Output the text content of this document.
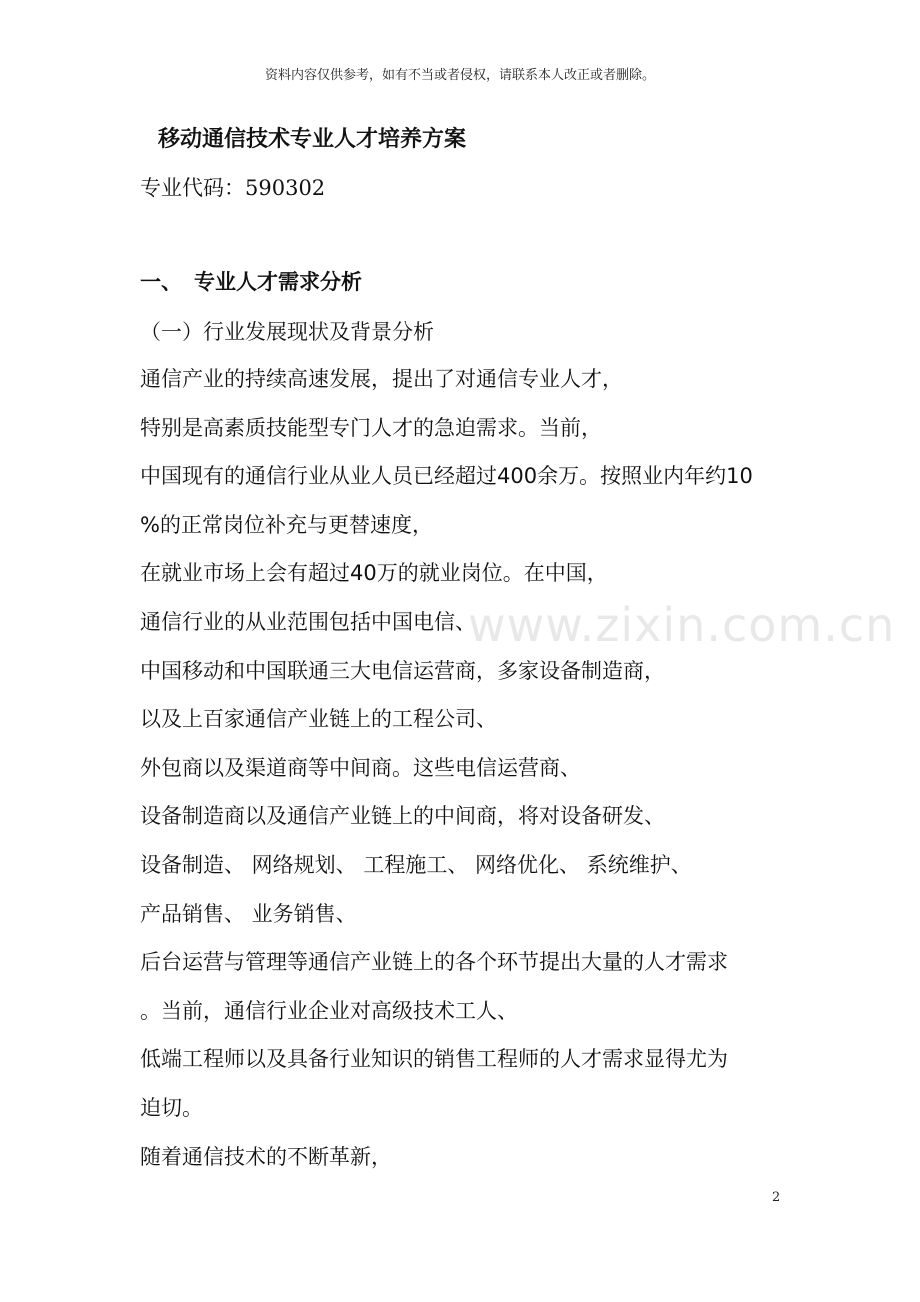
资料内容仅供参考，如有不当或者侵权，请联系本人改正或者删除。
移动通信技术专业人才培养方案

专业代码：590302

一、 专业人才需求分析

（一）行业发展现状及背景分析

通信产业的持续高速发展，提出了对通信专业人才，
特别是高素质技能型专门人才的急迫需求。当前，
中国现有的通信行业从业人员已经超过400余万。按照业内年约10
%的正常岗位补充与更替速度，
在就业市场上会有超过40万的就业岗位。在中国，
通信行业的从业范围包括中国电信、
中国移动和中国联通三大电信运营商，多家设备制造商，
以及上百家通信产业链上的工程公司、
外包商以及渠道商等中间商。这些电信运营商、
设备制造商以及通信产业链上的中间商，将对设备研发、
设备制造、 网络规划、 工程施工、 网络优化、 系统维护、
产品销售、 业务销售、
后台运营与管理等通信产业链上的各个环节提出大量的人才需求
。当前，通信行业企业对高级技术工人、
低端工程师以及具备行业知识的销售工程师的人才需求显得尤为
迫切。
随着通信技术的不断革新，
www.zixin.com.cn
2
